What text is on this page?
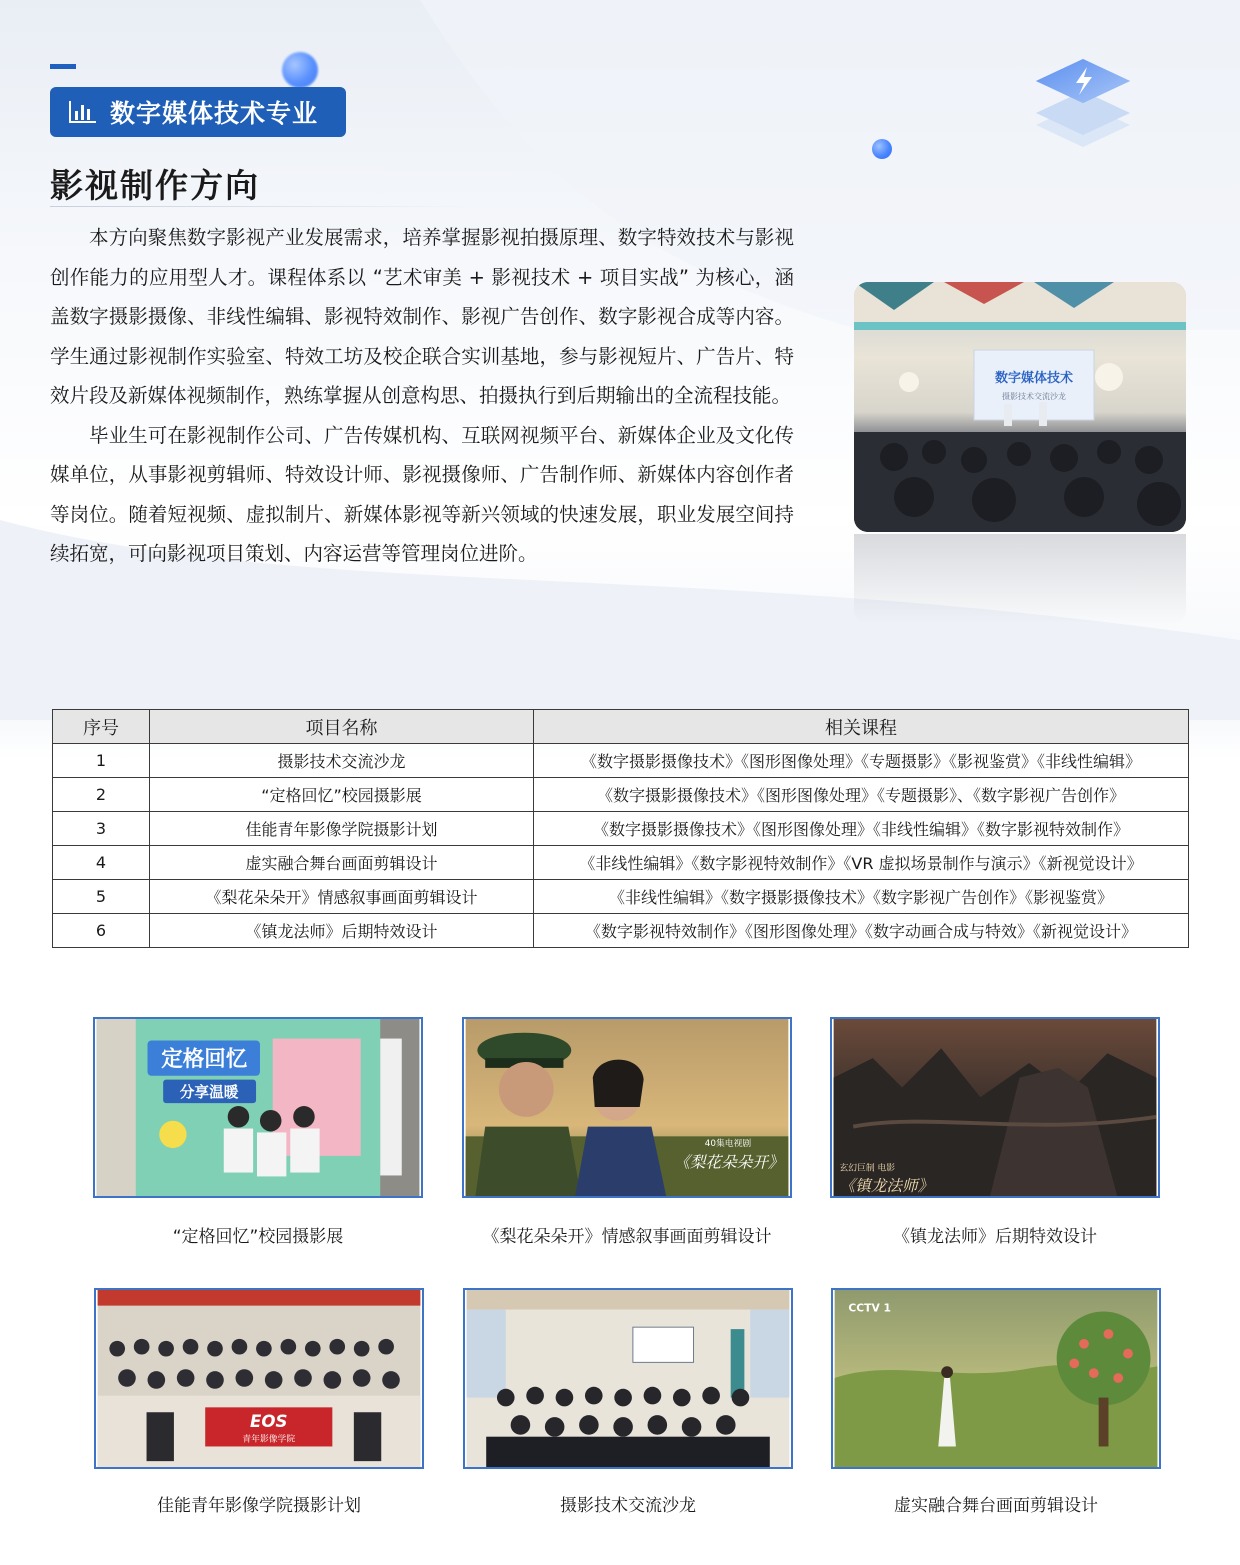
数字媒体技术专业
影视制作方向

本方向聚焦数字影视产业发展需求，培养掌握影视拍摄原理、数字特效技术与影视创作能力的应用型人才。课程体系以 “艺术审美 + 影视技术 + 项目实战” 为核心，涵盖数字摄影摄像、非线性编辑、影视特效制作、影视广告创作、数字影视合成等内容。学生通过影视制作实验室、特效工坊及校企联合实训基地，参与影视短片、广告片、特效片段及新媒体视频制作，熟练掌握从创意构思、拍摄执行到后期输出的全流程技能。

毕业生可在影视制作公司、广告传媒机构、互联网视频平台、新媒体企业及文化传媒单位，从事影视剪辑师、特效设计师、影视摄像师、广告制作师、新媒体内容创作者等岗位。随着短视频、虚拟制片、新媒体影视等新兴领域的快速发展，职业发展空间持续拓宽，可向影视项目策划、内容运营等管理岗位进阶。

数字媒体技术
摄影技术交流沙龙
序号	项目名称	相关课程
1	摄影技术交流沙龙	《数字摄影摄像技术》《图形图像处理》《专题摄影》《影视鉴赏》《非线性编辑》
2	“定格回忆”校园摄影展	《数字摄影摄像技术》《图形图像处理》《专题摄影》、《数字影视广告创作》
3	佳能青年影像学院摄影计划	《数字摄影摄像技术》《图形图像处理》《非线性编辑》《数字影视特效制作》
4	虚实融合舞台画面剪辑设计	《非线性编辑》《数字影视特效制作》《VR 虚拟场景制作与演示》《新视觉设计》
5	《梨花朵朵开》情感叙事画面剪辑设计	《非线性编辑》《数字摄影摄像技术》《数字影视广告创作》《影视鉴赏》
6	《镇龙法师》后期特效设计	《数字影视特效制作》《图形图像处理》《数字动画合成与特效》《新视觉设计》
定格回忆
分享温暖
“定格回忆”校园摄影展
40集电视剧
《梨花朵朵开》
《梨花朵朵开》情感叙事画面剪辑设计
玄幻巨制 电影
《镇龙法师》
《镇龙法师》后期特效设计
EOS
青年影像学院
佳能青年影像学院摄影计划	摄影技术交流沙龙
CCTV 1
虚实融合舞台画面剪辑设计
